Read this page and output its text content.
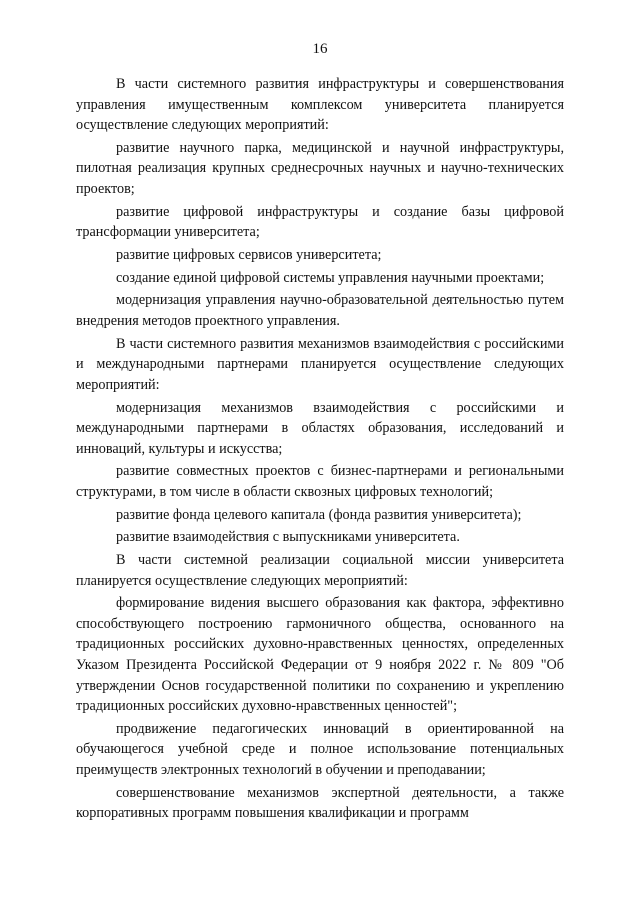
16

В части системного развития инфраструктуры и совершенствования управления имущественным комплексом университета планируется осуществление следующих мероприятий:

развитие научного парка, медицинской и научной инфраструктуры, пилотная реализация крупных среднесрочных научных и научно-технических проектов;

развитие цифровой инфраструктуры и создание базы цифровой трансформации университета;

развитие цифровых сервисов университета;

создание единой цифровой системы управления научными проектами;

модернизация управления научно-образовательной деятельностью путем внедрения методов проектного управления.

В части системного развития механизмов взаимодействия с российскими и международными партнерами планируется осуществление следующих мероприятий:

модернизация механизмов взаимодействия с российскими и международными партнерами в областях образования, исследований и инноваций, культуры и искусства;

развитие совместных проектов с бизнес-партнерами и региональными структурами, в том числе в области сквозных цифровых технологий;

развитие фонда целевого капитала (фонда развития университета);

развитие взаимодействия с выпускниками университета.

В части системной реализации социальной миссии университета планируется осуществление следующих мероприятий:

формирование видения высшего образования как фактора, эффективно способствующего построению гармоничного общества, основанного на традиционных российских духовно-нравственных ценностях, определенных Указом Президента Российской Федерации от 9 ноября 2022 г. № 809 "Об утверждении Основ государственной политики по сохранению и укреплению традиционных российских духовно-нравственных ценностей";

продвижение педагогических инноваций в ориентированной на обучающегося учебной среде и полное использование потенциальных преимуществ электронных технологий в обучении и преподавании;

совершенствование механизмов экспертной деятельности, а также корпоративных программ повышения квалификации и программ
